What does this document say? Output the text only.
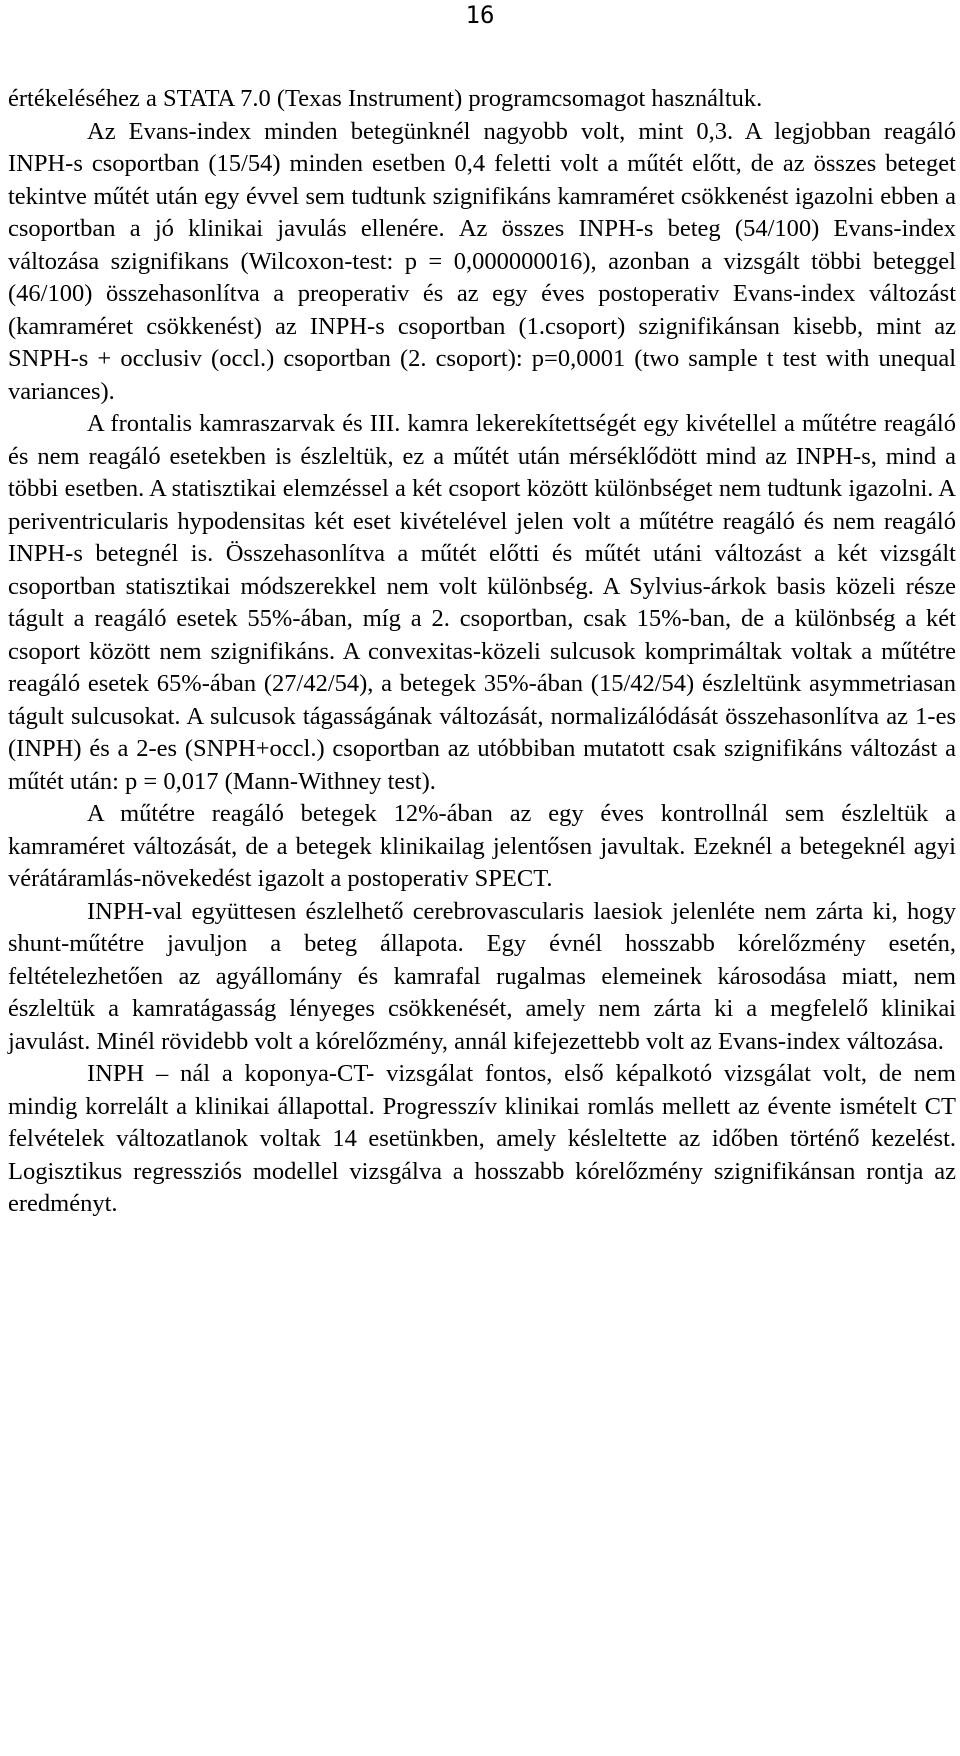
16

értékeléséhez a STATA 7.0 (Texas Instrument) programcsomagot használtuk.

Az Evans-index minden betegünknél nagyobb volt, mint 0,3. A legjobban reagáló INPH-s csoportban (15/54) minden esetben 0,4 feletti volt a műtét előtt, de az összes beteget tekintve műtét után egy évvel sem tudtunk szignifikáns kamraméret csökkenést igazolni ebben a csoportban a jó klinikai javulás ellenére. Az összes INPH-s beteg (54/100) Evans-index változása szignifikans (Wilcoxon-test: p = 0,000000016), azonban a vizsgált többi beteggel (46/100) összehasonlítva a preoperativ és az egy éves postoperativ Evans-index változást (kamraméret csökkenést) az INPH-s csoportban (1.csoport) szignifikánsan kisebb, mint az SNPH-s + occlusiv (occl.) csoportban (2. csoport): p=0,0001 (two sample t test with unequal variances).

A frontalis kamraszarvak és III. kamra lekerekítettségét egy kivétellel a műtétre reagáló és nem reagáló esetekben is észleltük, ez a műtét után mérséklődött mind az INPH-s, mind a többi esetben. A statisztikai elemzéssel a két csoport között különbséget nem tudtunk igazolni. A periventricularis hypodensitas két eset kivételével jelen volt a műtétre reagáló és nem reagáló INPH-s betegnél is. Összehasonlítva a műtét előtti és műtét utáni változást a két vizsgált csoportban statisztikai módszerekkel nem volt különbség. A Sylvius-árkok basis közeli része tágult a reagáló esetek 55%-ában, míg a 2. csoportban, csak 15%-ban, de a különbség a két csoport között nem szignifikáns. A convexitas-közeli sulcusok komprimáltak voltak a műtétre reagáló esetek 65%-ában (27/42/54), a betegek 35%-ában (15/42/54) észleltünk asymmetriasan tágult sulcusokat. A sulcusok tágasságának változását, normalizálódását összehasonlítva az 1-es (INPH) és a 2-es (SNPH+occl.) csoportban az utóbbiban mutatott csak szignifikáns változást a műtét után: p = 0,017 (Mann-Withney test).

A műtétre reagáló betegek 12%-ában az egy éves kontrollnál sem észleltük a kamraméret változását, de a betegek klinikailag jelentősen javultak. Ezeknél a betegeknél agyi vérátáramlás-növekedést igazolt a postoperativ SPECT.

INPH-val együttesen észlelhető cerebrovascularis laesiok jelenléte nem zárta ki, hogy shunt-műtétre javuljon a beteg állapota. Egy évnél hosszabb kórelőzmény esetén, feltételezhetően az agyállomány és kamrafal rugalmas elemeinek károsodása miatt, nem észleltük a kamratágasság lényeges csökkenését, amely nem zárta ki a megfelelő klinikai javulást. Minél rövidebb volt a kórelőzmény, annál kifejezettebb volt az Evans-index változása.

INPH – nál a koponya-CT- vizsgálat fontos, első képalkotó vizsgálat volt, de nem mindig korrelált a klinikai állapottal. Progresszív klinikai romlás mellett az évente ismételt CT felvételek változatlanok voltak 14 esetünkben, amely késleltette az időben történő kezelést. Logisztikus regressziós modellel vizsgálva a hosszabb kórelőzmény szignifikánsan rontja az eredményt.
